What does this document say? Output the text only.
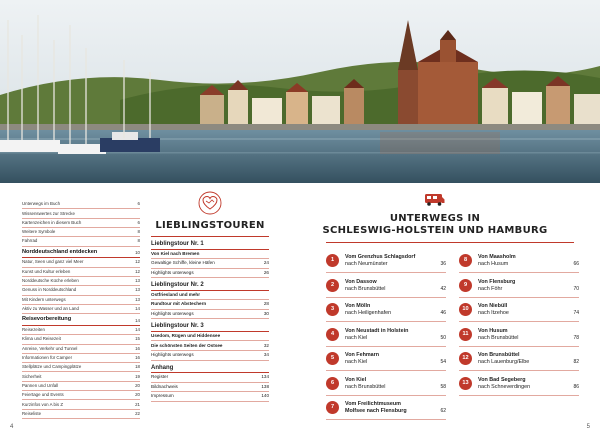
4
Unterwegs im Buch	6
Wissenswertes zur Strecke
Kartenzeichen in diesem Buch	6
Weitere Symbole	8
Fahrrad	8
Norddeutschland entdecken	10
Natur, Seen und ganz viel Meer	12
Kunst und Kultur erleben	12
Norddeutsche Küche erleben	13
Genuss in Norddeutschland	13
Mit Kindern unterwegs	13
Aktiv zu Wasser und an Land	14
Reisevorbereitung	14
Reisezeiten	14
Klima und Reisezeit	15
Anreise, Verkehr und Tunnel	16
Informationen für Camper	16
Stellplätze und Campingplätze	18
Sicherheit	19
Pannen und Unfall	20
Feiertage und Events	20
Kurzinfos von A bis Z	21
Reiseliste	22
LIEBLINGSTOUREN
Lieblingstour Nr. 1
Von Kiel nach Bremen
Gewaltige Schiffe, kleine Häfen	24
Highlights unterwegs	26
Lieblingstour Nr. 2
Ostfriesland und mehr
Rundtour mit Abstechern	28
Highlights unterwegs	30
Lieblingstour Nr. 3
Usedom, Rügen und Hiddensee
Die schönsten Seiten der Ostsee	32
Highlights unterwegs	34
Anhang
Register	134
Bildnachweis	138
Impressum	140
5
UNTERWEGS IN
SCHLESWIG-HOLSTEIN UND HAMBURG
1	Vom Grenzhus Schlagsdorf
nach Neumünster	36
2	Von Dassow
nach Brunsbüttel	42
3	Von Mölln
nach Heiligenhafen	46
4	Von Neustadt in Holstein
nach Kiel	50
5	Von Fehmarn
nach Kiel	54
6	Von Kiel
nach Brunsbüttel	58
7	Vom Freilichtmuseum
Molfsee nach Flensburg	62
8	Von Maasholm
nach Husum	66
9	Von Flensburg
nach Föhr	70
10	Von Niebüll
nach Itzehoe	74
11	Von Husum
nach Brunsbüttel	78
12	Von Brunsbüttel
nach Lauenburg/Elbe	82
13	Von Bad Segeberg
nach Schneverdingen	86
